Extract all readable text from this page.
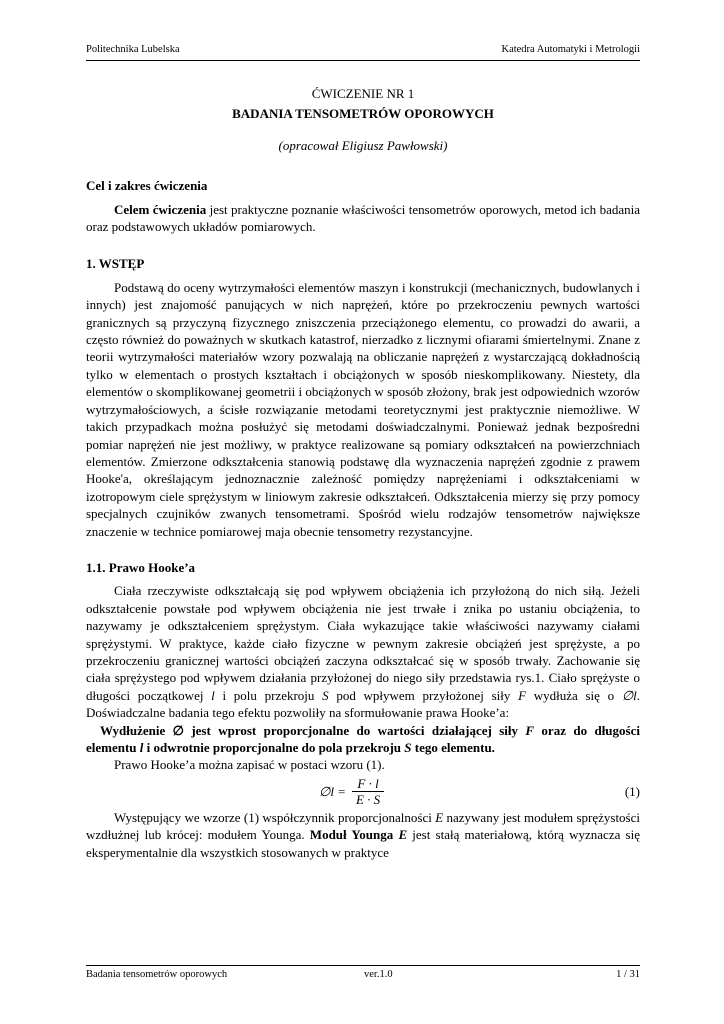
Politechnika Lubelska	Katedra Automatyki i Metrologii
ĆWICZENIE NR 1
BADANIA TENSOMETRÓW OPOROWYCH
(opracował Eligiusz Pawłowski)
Cel i zakres ćwiczenia

Celem ćwiczenia jest praktyczne poznanie właściwości tensometrów oporowych, metod ich badania oraz podstawowych układów pomiarowych.

1. WSTĘP

Podstawą do oceny wytrzymałości elementów maszyn i konstrukcji (mechanicznych, budowlanych i innych) jest znajomość panujących w nich naprężeń, które po przekroczeniu pewnych wartości granicznych są przyczyną fizycznego zniszczenia przeciążonego elementu, co prowadzi do awarii, a często również do poważnych w skutkach katastrof, nierzadko z licznymi ofiarami śmiertelnymi. Znane z teorii wytrzymałości materiałów wzory pozwalają na obliczanie naprężeń z wystarczającą dokładnością tylko w elementach o prostych kształtach i obciążonych w sposób nieskomplikowany. Niestety, dla elementów o skomplikowanej geometrii i obciążonych w sposób złożony, brak jest odpowiednich wzorów wytrzymałościowych, a ścisłe rozwiązanie metodami teoretycznymi jest praktycznie niemożliwe. W takich przypadkach można posłużyć się metodami doświadczalnymi. Ponieważ jednak bezpośredni pomiar naprężeń nie jest możliwy, w praktyce realizowane są pomiary odkształceń na powierzchniach elementów. Zmierzone odkształcenia stanowią podstawę dla wyznaczenia naprężeń zgodnie z prawem Hooke'a, określającym jednoznacznie zależność pomiędzy naprężeniami i odkształceniami w izotropowym ciele sprężystym w liniowym zakresie odkształceń. Odkształcenia mierzy się przy pomocy specjalnych czujników zwanych tensometrami. Spośród wielu rodzajów tensometrów największe znaczenie w technice pomiarowej maja obecnie tensometry rezystancyjne.

1.1. Prawo Hooke’a

Ciała rzeczywiste odkształcają się pod wpływem obciążenia ich przyłożoną do nich siłą. Jeżeli odkształcenie powstałe pod wpływem obciążenia nie jest trwałe i znika po ustaniu obciążenia, to nazywamy je odkształceniem sprężystym. Ciała wykazujące takie właściwości nazywamy ciałami sprężystymi. W praktyce, każde ciało fizyczne w pewnym zakresie obciążeń jest sprężyste, a po przekroczeniu granicznej wartości obciążeń zaczyna odkształcać się w sposób trwały. Zachowanie się ciała sprężystego pod wpływem działania przyłożonej do niego siły przedstawia rys.1. Ciało sprężyste o długości początkowej l i polu przekroju S pod wpływem przyłożonej siły F wydłuża się o ∅l. Doświadczalne badania tego efektu pozwoliły na sformułowanie prawa Hooke’a:

Wydłużenie ∅ jest wprost proporcjonalne do wartości działającej siły F oraz do długości elementu l i odwrotnie proporcjonalne do pola przekroju S tego elementu.

Prawo Hooke’a można zapisać w postaci wzoru (1).

∅l = $\frac{F \cdot l}{E \cdot S}$	(1)

Występujący we wzorze (1) współczynnik proporcjonalności E nazywany jest modułem sprężystości wzdłużnej lub krócej: modułem Younga. Moduł Younga E jest stałą materiałową, którą wyznacza się eksperymentalnie dla wszystkich stosowanych w praktyce

Badania tensometrów oporowych	ver.1.0	1 / 31
